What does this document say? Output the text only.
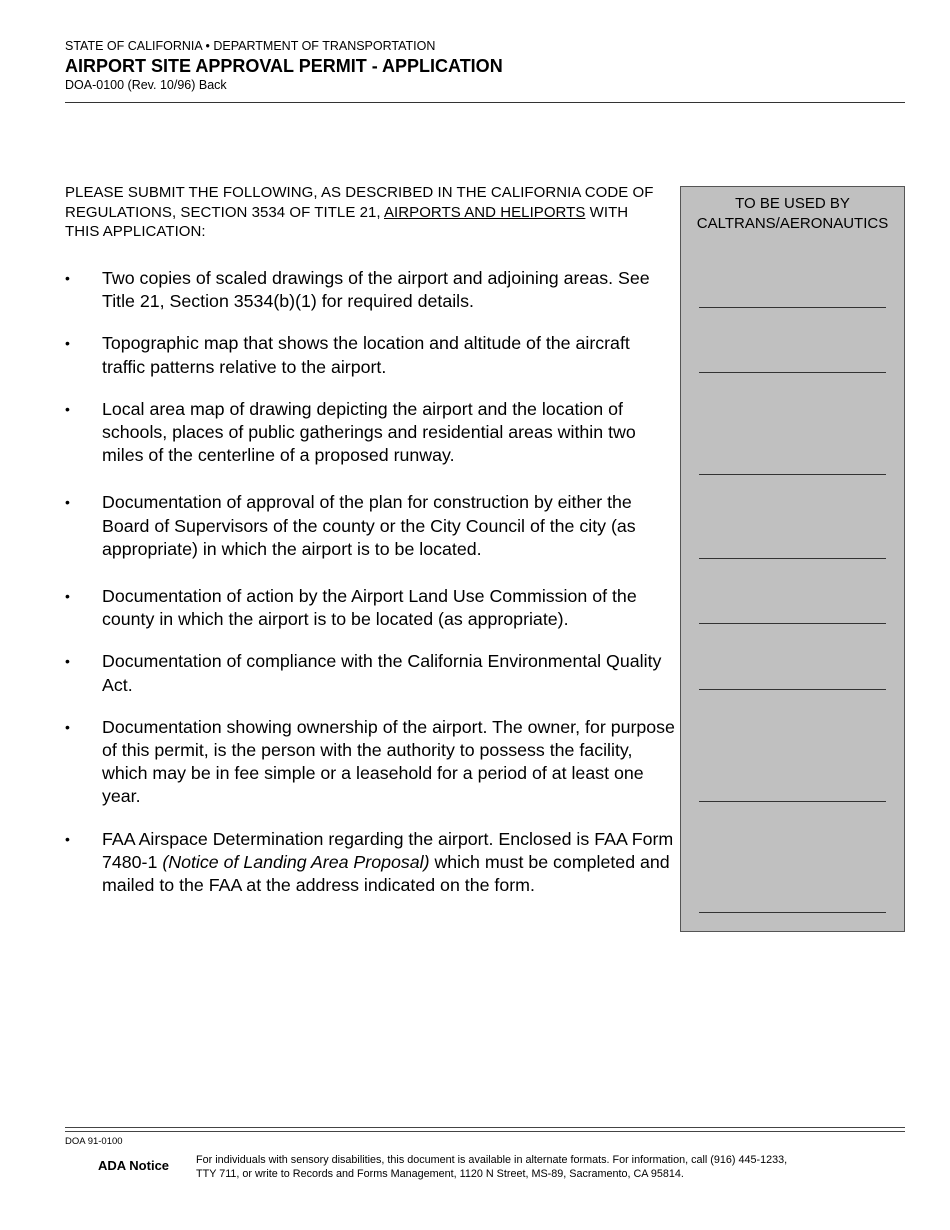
STATE OF CALIFORNIA • DEPARTMENT OF TRANSPORTATION
AIRPORT SITE APPROVAL PERMIT - APPLICATION
DOA-0100 (Rev. 10/96) Back
PLEASE SUBMIT THE FOLLOWING, AS DESCRIBED IN THE CALIFORNIA CODE OF REGULATIONS, SECTION 3534 OF TITLE 21, AIRPORTS AND HELIPORTS WITH THIS APPLICATION:
•	Two copies of scaled drawings of the airport and adjoining areas. See Title 21, Section 3534(b)(1) for required details.
•	Topographic map that shows the location and altitude of the aircraft traffic patterns relative to the airport.
•	Local area map of drawing depicting the airport and the location of schools, places of public gatherings and residential areas within two miles of the centerline of a proposed runway.
•	Documentation of approval of the plan for construction by either the Board of Supervisors of the county or the City Council of the city (as appropriate) in which the airport is to be located.
•	Documentation of action by the Airport Land Use Commission of the county in which the airport is to be located (as appropriate).
•	Documentation of compliance with the California Environmental Quality Act.
•	Documentation showing ownership of the airport. The owner, for purpose of this permit, is the person with the authority to possess the facility, which may be in fee simple or a leasehold for a period of at least one year.
•	FAA Airspace Determination regarding the airport. Enclosed is FAA Form 7480-1 (Notice of Landing Area Proposal) which must be completed and mailed to the FAA at the address indicated on the form.
TO BE USED BY
CALTRANS/AERONAUTICS
DOA 91-0100
ADA Notice For individuals with sensory disabilities, this document is available in alternate formats. For information, call (916) 445-1233,
TTY 711, or write to Records and Forms Management, 1120 N Street, MS-89, Sacramento, CA 95814.
